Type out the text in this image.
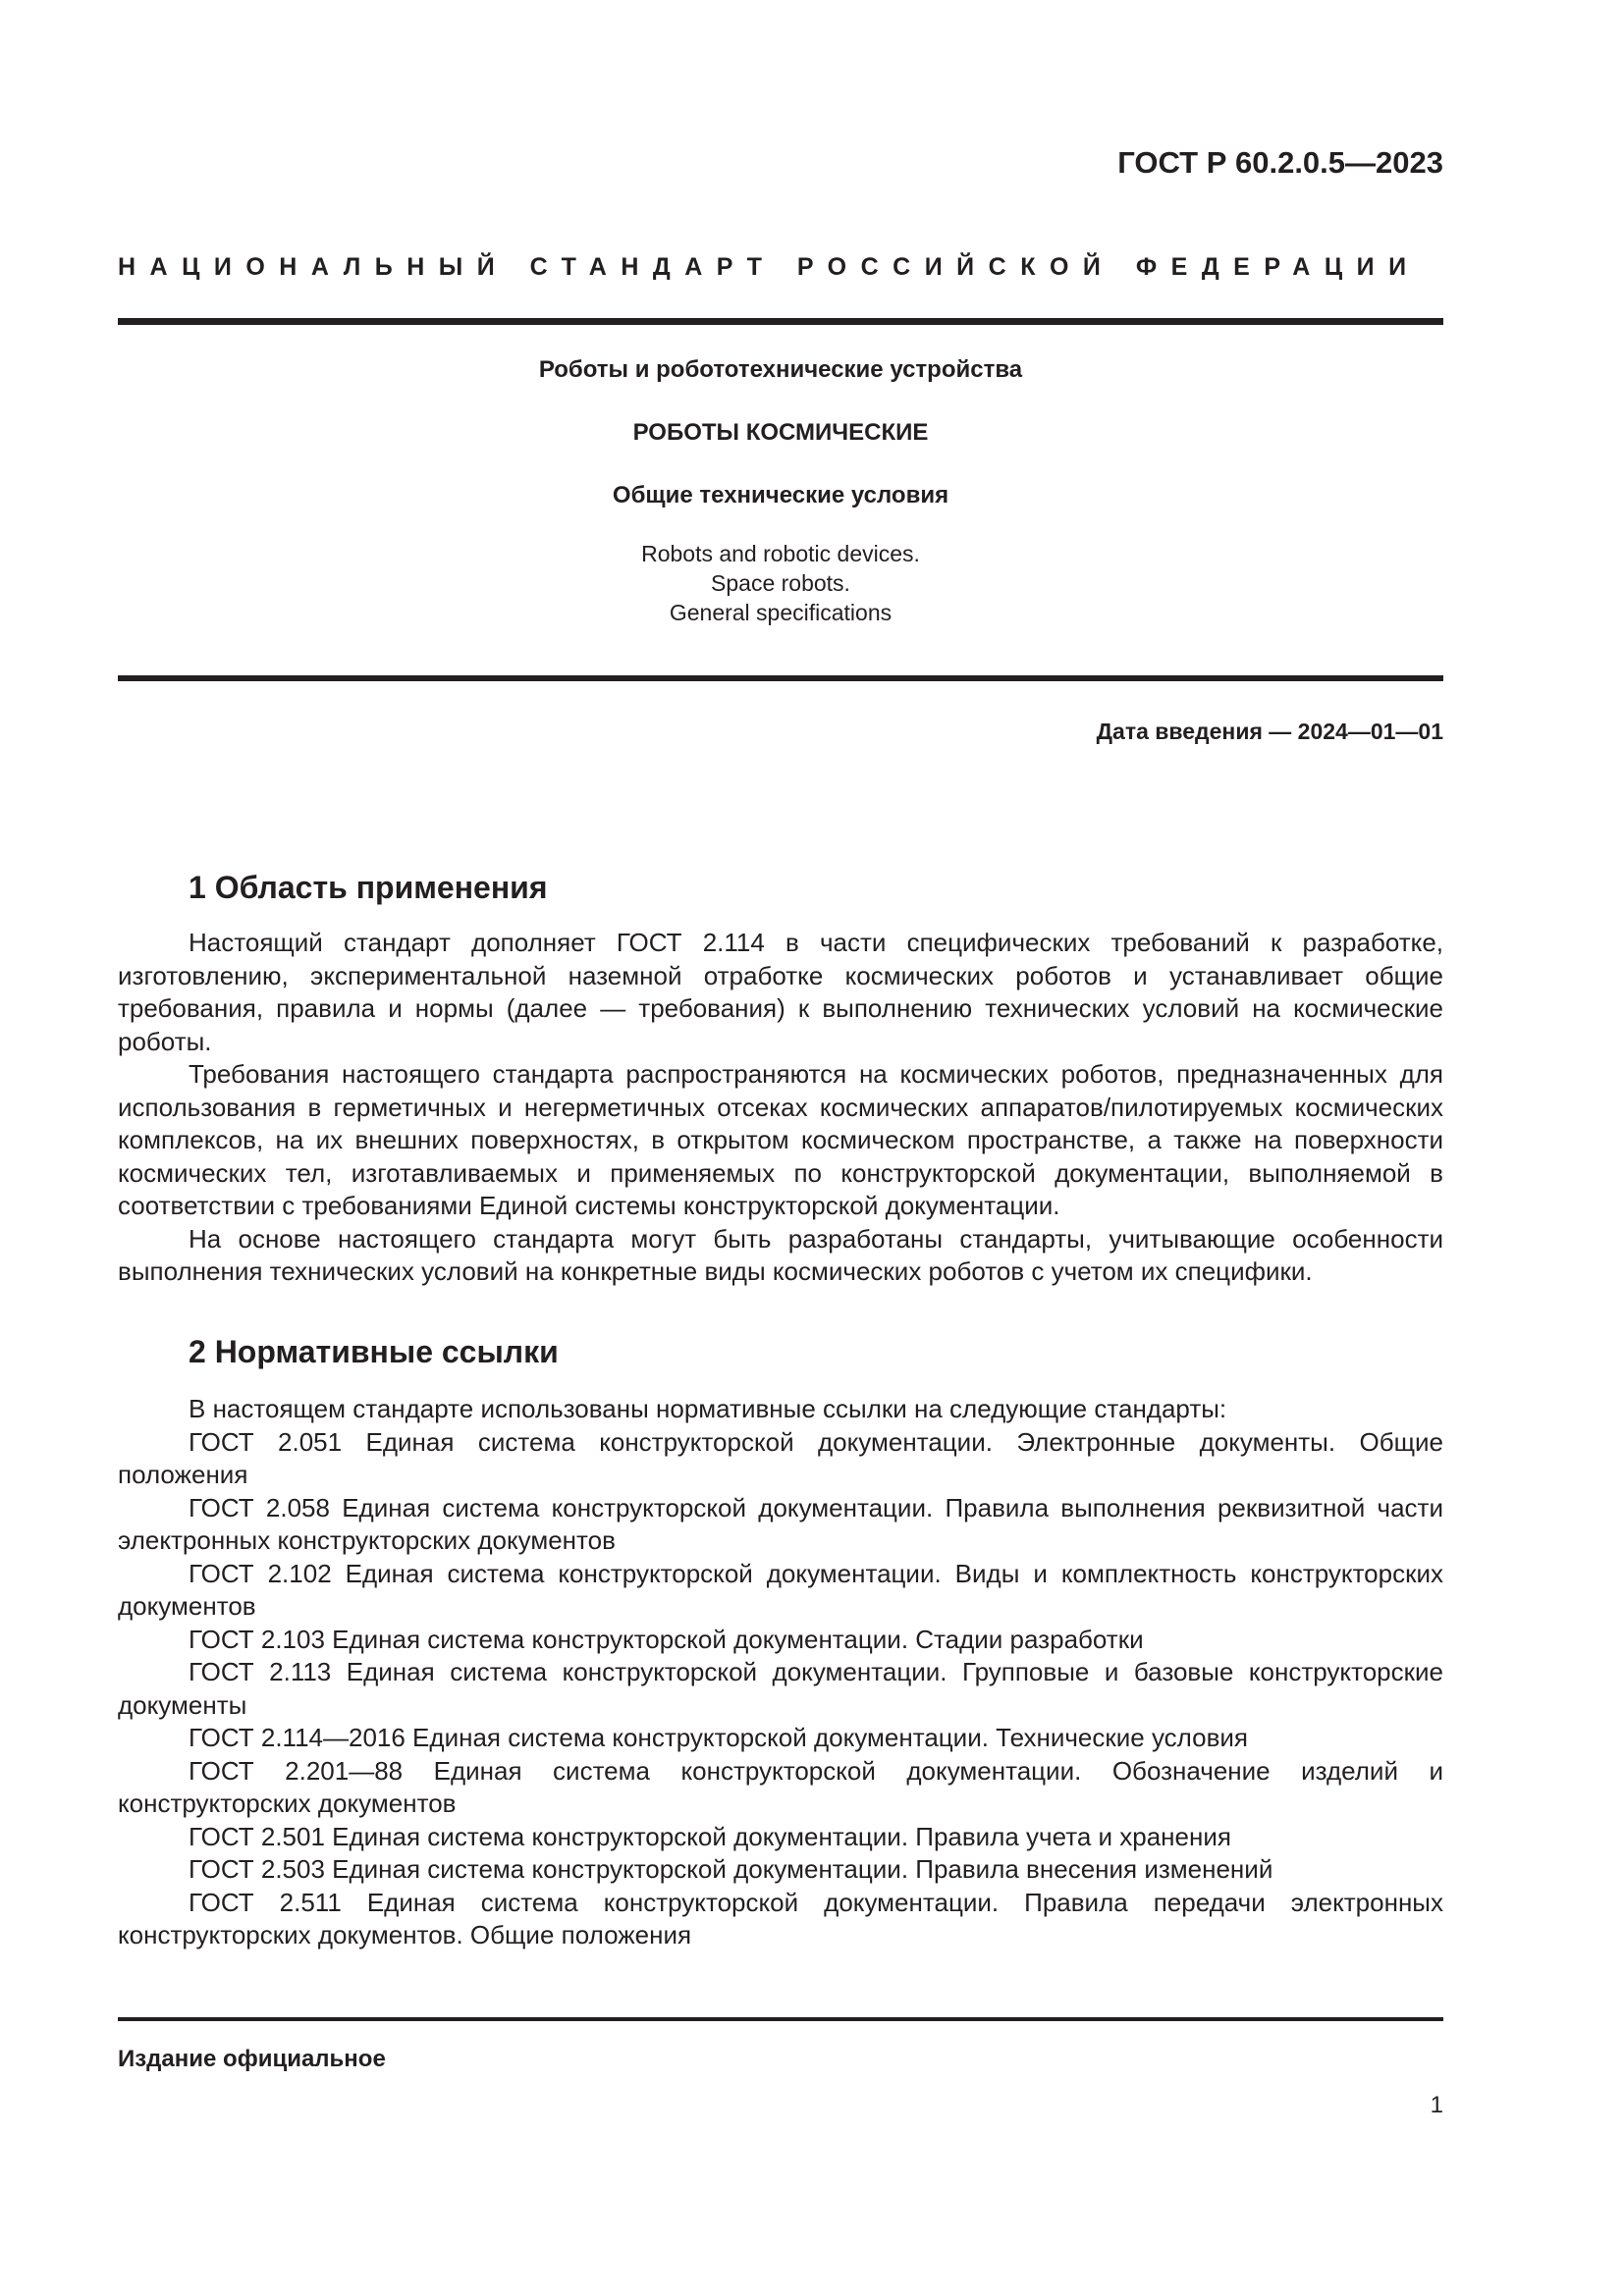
ГОСТ Р 60.2.0.5—2023

НАЦИОНАЛЬНЫЙ СТАНДАРТ РОССИЙСКОЙ ФЕДЕРАЦИИ

Роботы и робототехнические устройства

РОБОТЫ КОСМИЧЕСКИЕ

Общие технические условия

Robots and robotic devices.

Space robots.

General specifications

Дата введения — 2024—01—01

1 Область применения

Настоящий стандарт дополняет ГОСТ 2.114 в части специфических требований к разработке, изготовлению, экспериментальной наземной отработке космических роботов и устанавливает общие требования, правила и нормы (далее — требования) к выполнению технических условий на космические роботы.

Требования настоящего стандарта распространяются на космических роботов, предназначенных для использования в герметичных и негерметичных отсеках космических аппаратов/пилотируемых космических комплексов, на их внешних поверхностях, в открытом космическом пространстве, а также на поверхности космических тел, изготавливаемых и применяемых по конструкторской документации, выполняемой в соответствии с требованиями Единой системы конструкторской документации.

На основе настоящего стандарта могут быть разработаны стандарты, учитывающие особенности выполнения технических условий на конкретные виды космических роботов с учетом их специфики.

2 Нормативные ссылки

В настоящем стандарте использованы нормативные ссылки на следующие стандарты:

ГОСТ 2.051 Единая система конструкторской документации. Электронные документы. Общие положения

ГОСТ 2.058 Единая система конструкторской документации. Правила выполнения реквизитной части электронных конструкторских документов

ГОСТ 2.102 Единая система конструкторской документации. Виды и комплектность конструкторских документов

ГОСТ 2.103 Единая система конструкторской документации. Стадии разработки

ГОСТ 2.113 Единая система конструкторской документации. Групповые и базовые конструкторские документы

ГОСТ 2.114—2016 Единая система конструкторской документации. Технические условия

ГОСТ 2.201—88 Единая система конструкторской документации. Обозначение изделий и конструкторских документов

ГОСТ 2.501 Единая система конструкторской документации. Правила учета и хранения

ГОСТ 2.503 Единая система конструкторской документации. Правила внесения изменений

ГОСТ 2.511 Единая система конструкторской документации. Правила передачи электронных конструкторских документов. Общие положения

Издание официальное

1
